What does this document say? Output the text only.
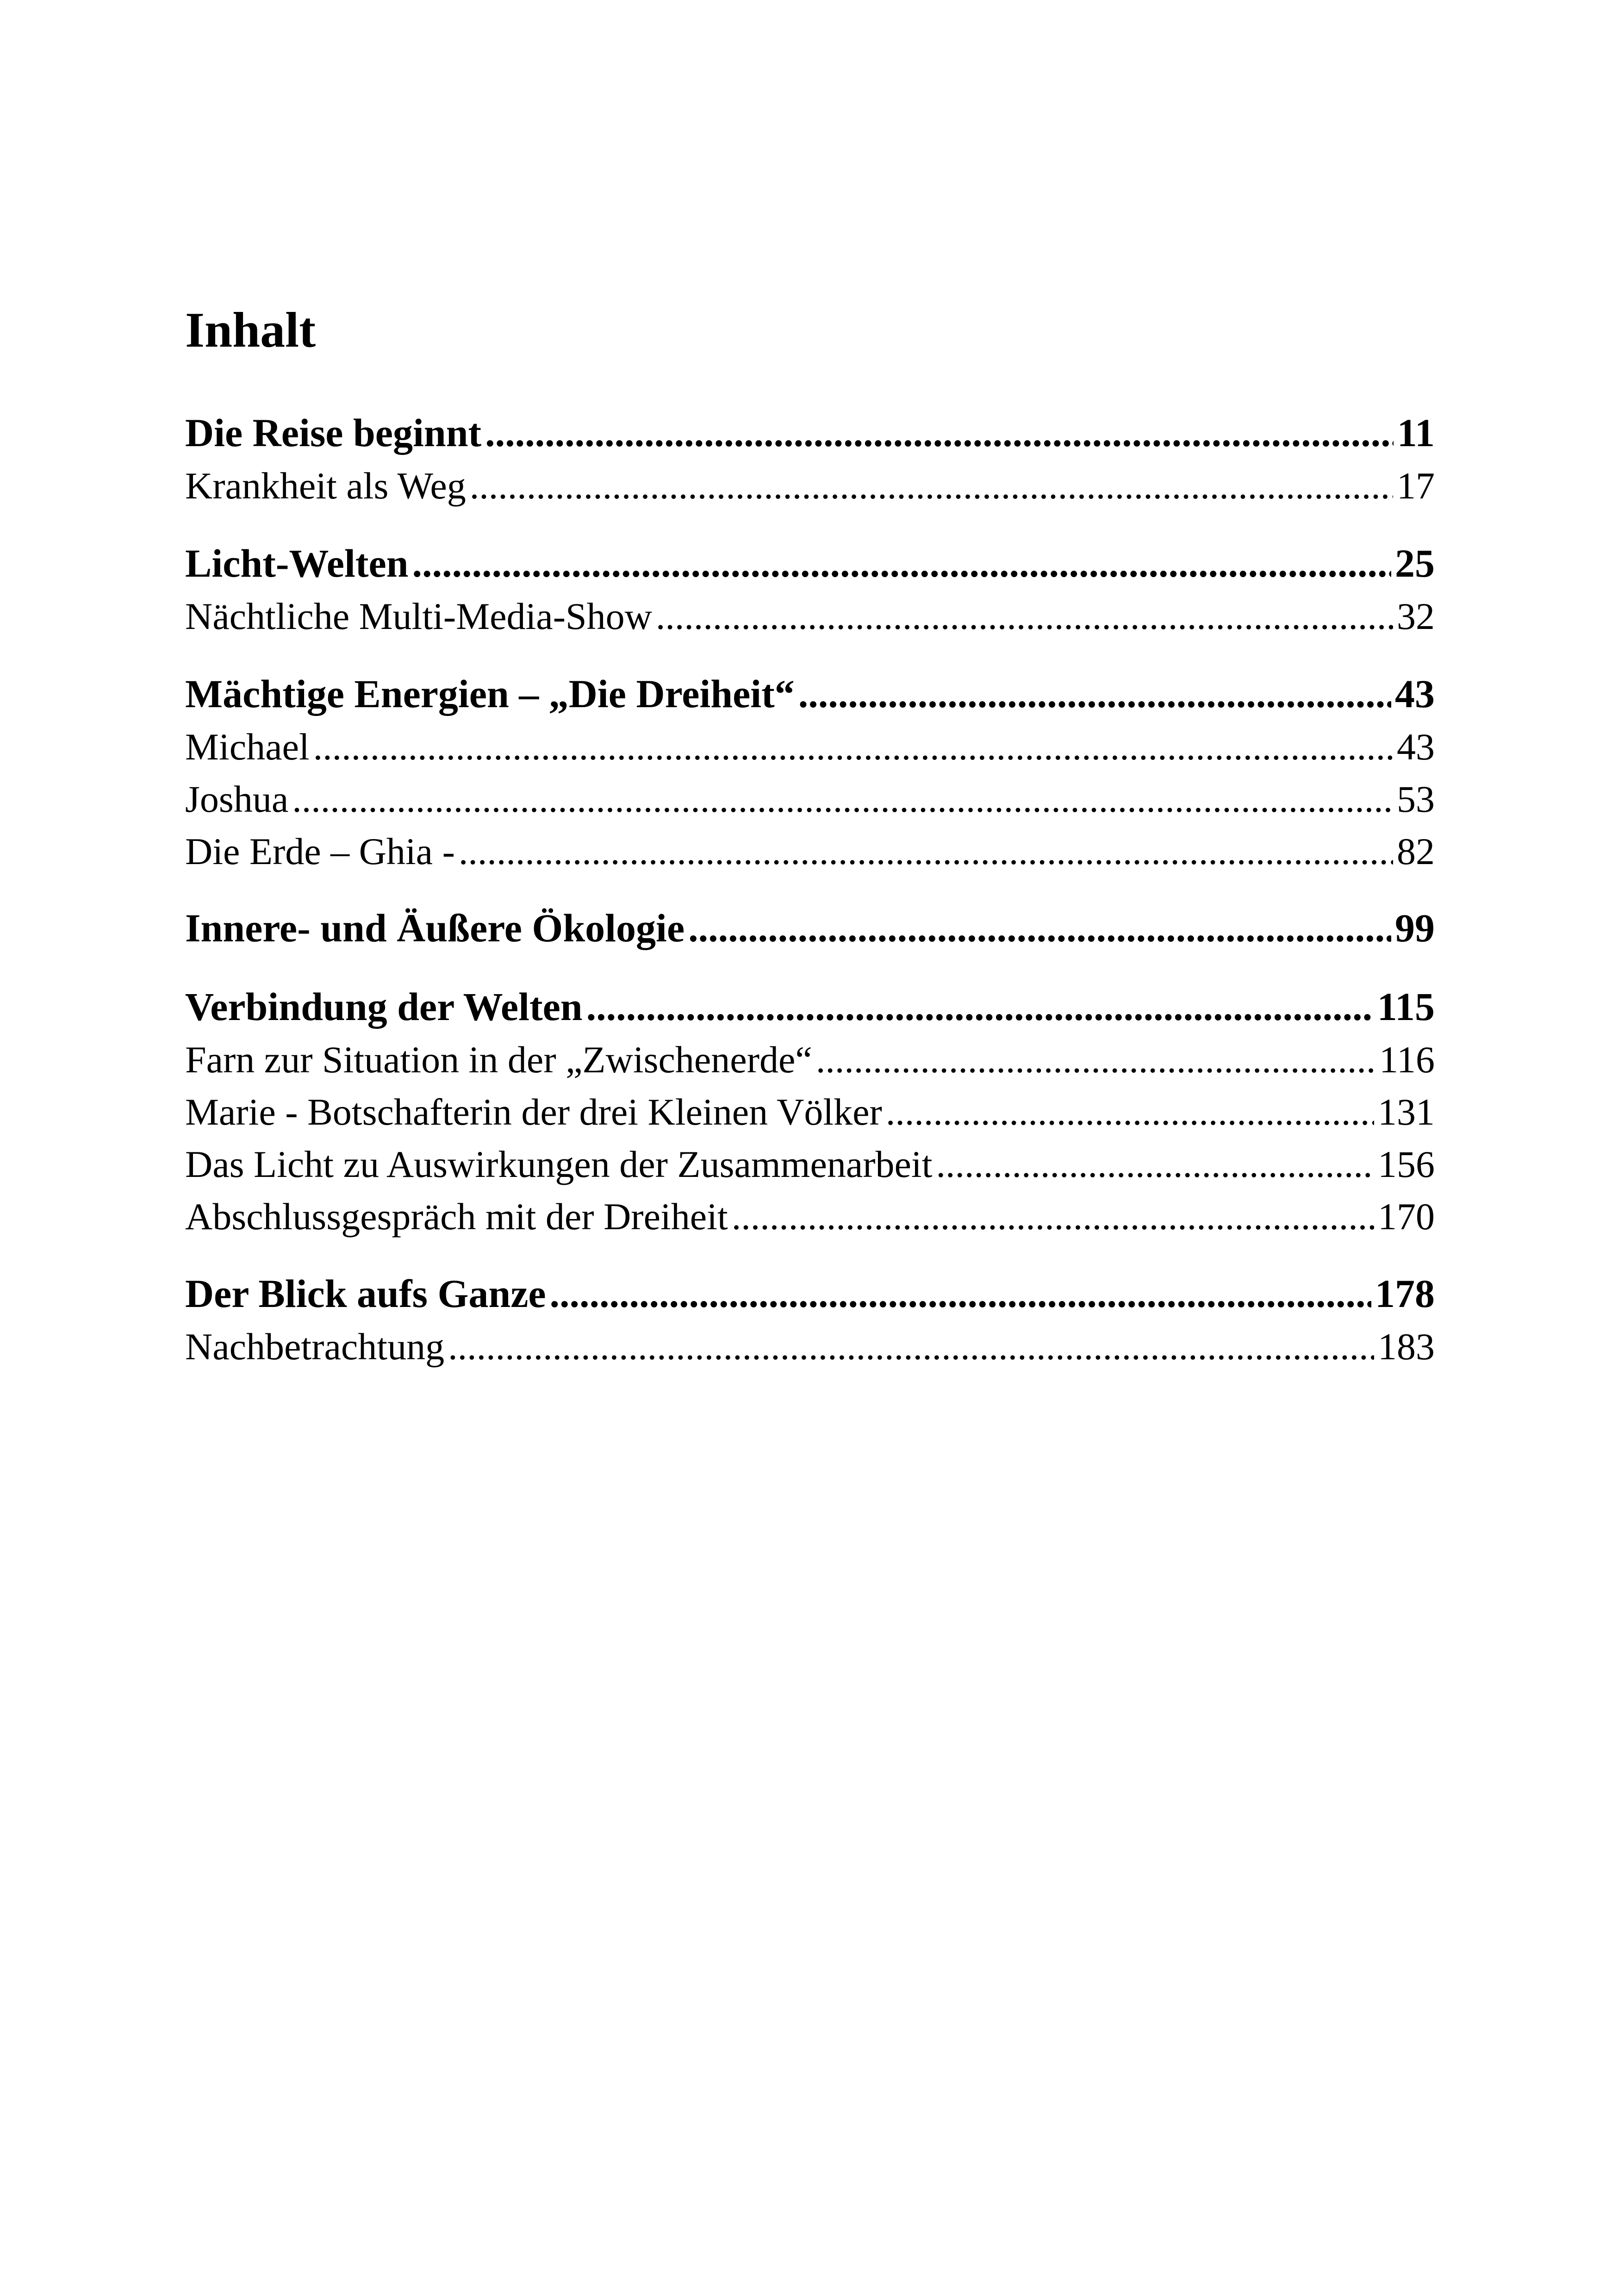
Inhalt
Die Reise beginnt .....	11
Krankheit als Weg .....	17
Licht-Welten .....	25
Nächtliche Multi-Media-Show .....	32
Mächtige Energien – „Die Dreiheit“ .....	43
Michael .....	43
Joshua .....	53
Die Erde – Ghia - .....	82
Innere- und Äußere Ökologie .....	99
Verbindung der Welten .....	115
Farn zur Situation in der „Zwischenerde“ .....	116
Marie - Botschafterin der drei Kleinen Völker .....	131
Das Licht zu Auswirkungen der Zusammenarbeit .....	156
Abschlussgespräch mit der Dreiheit .....	170
Der Blick aufs Ganze .....	178
Nachbetrachtung .....	183
